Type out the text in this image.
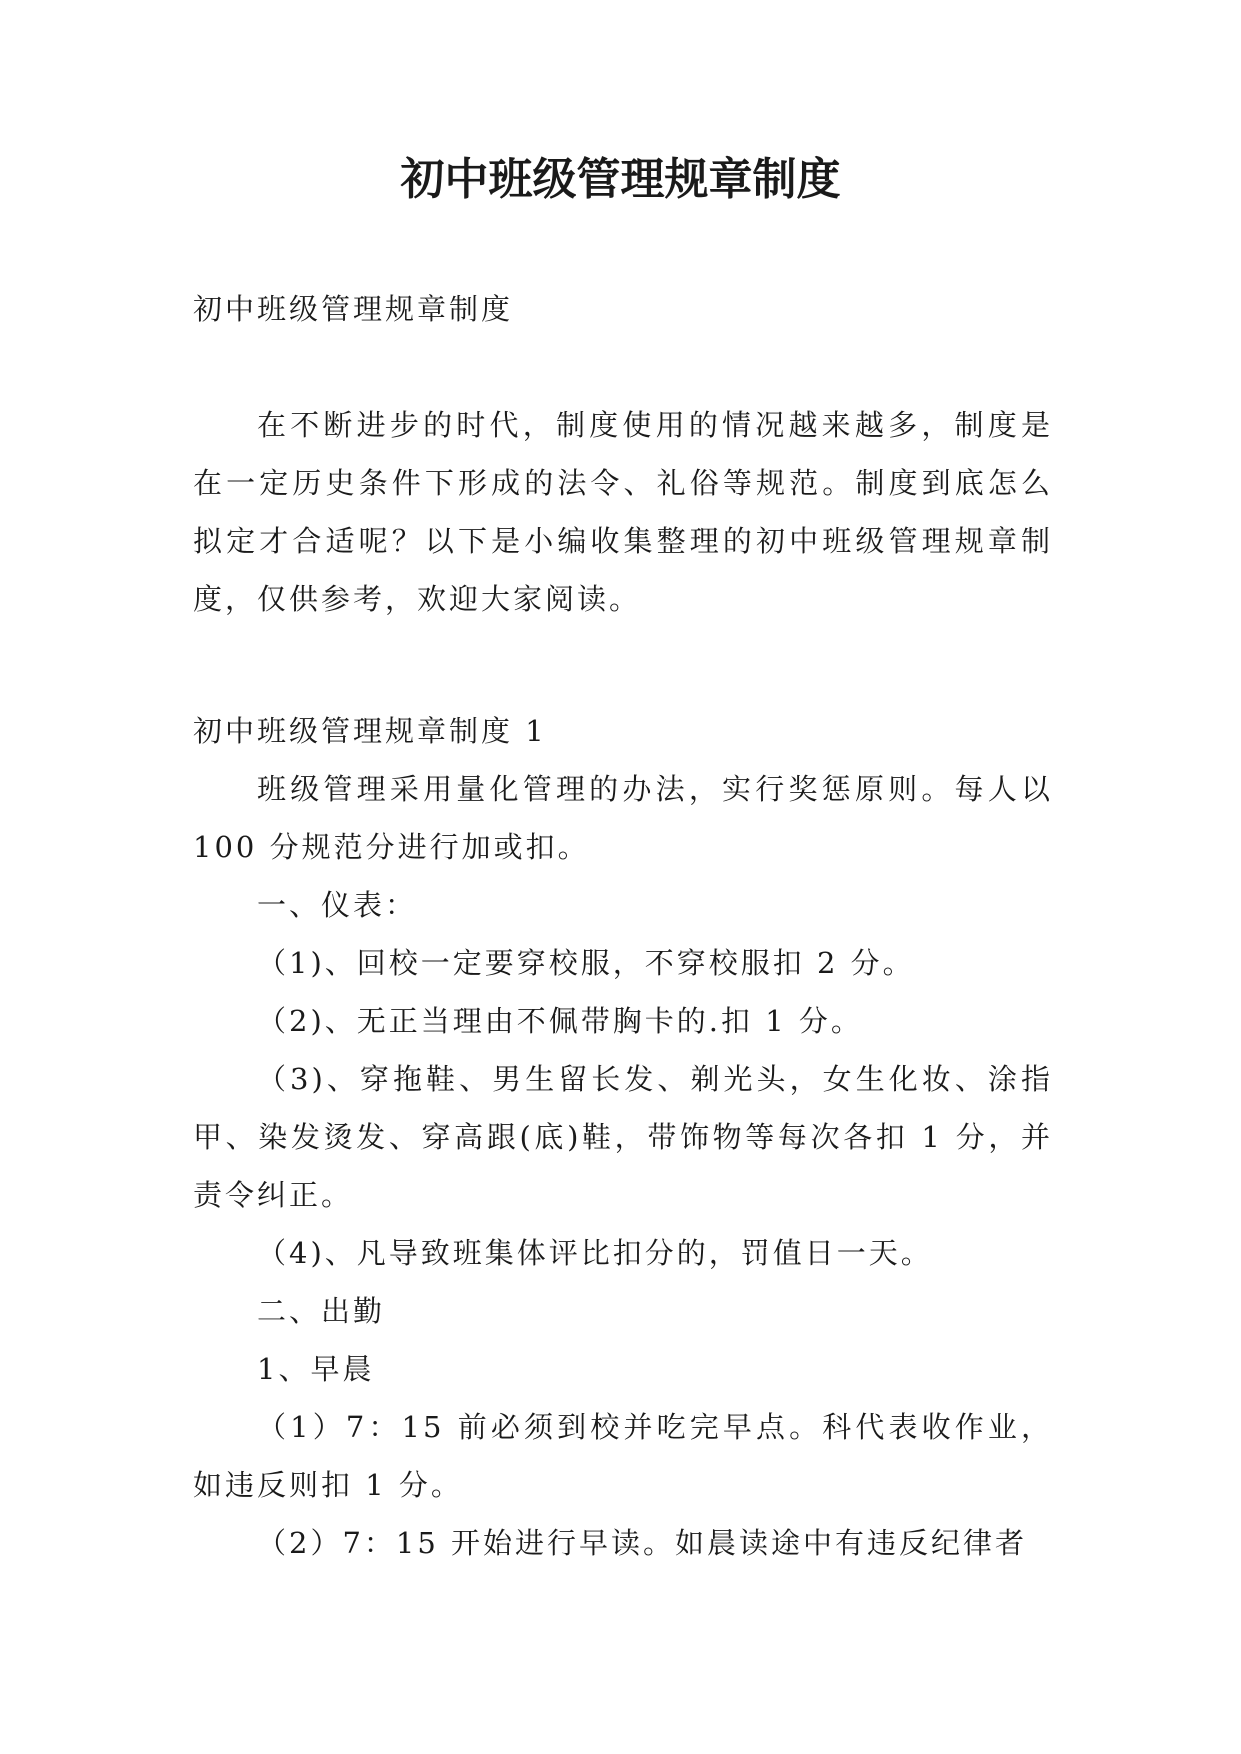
初中班级管理规章制度

初中班级管理规章制度

在不断进步的时代，制度使用的情况越来越多，制度是在一定历史条件下形成的法令、礼俗等规范。制度到底怎么拟定才合适呢？以下是小编收集整理的初中班级管理规章制度，仅供参考，欢迎大家阅读。

初中班级管理规章制度 1

班级管理采用量化管理的办法，实行奖惩原则。每人以 100 分规范分进行加或扣。

一、仪表：

（1)、回校一定要穿校服，不穿校服扣 2 分。

（2)、无正当理由不佩带胸卡的.扣 1 分。

（3)、穿拖鞋、男生留长发、剃光头，女生化妆、涂指甲、染发烫发、穿高跟(底)鞋，带饰物等每次各扣 1 分，并责令纠正。

（4)、凡导致班集体评比扣分的，罚值日一天。

二、出勤

1、早晨

（1）7：15 前必须到校并吃完早点。科代表收作业，如违反则扣 1 分。

（2）7：15 开始进行早读。如晨读途中有违反纪律者
